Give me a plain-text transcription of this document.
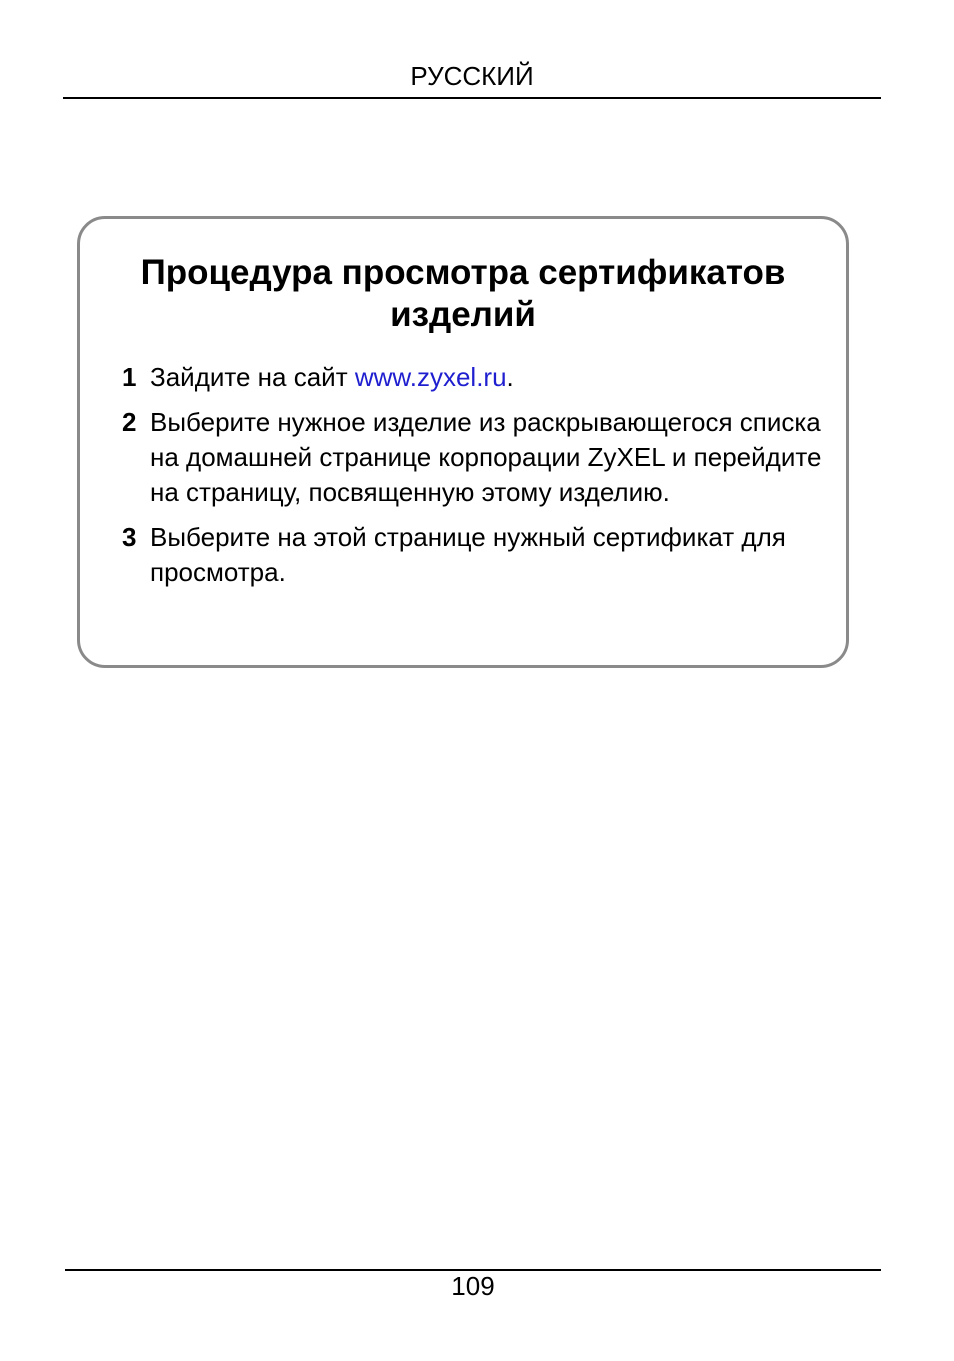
РУССКИЙ
Процедура просмотра сертификатов
изделий
1 Зайдите на сайт www.zyxel.ru.
2 Выберите нужное изделие из раскрывающегося списка на домашней странице корпорации ZyXEL и перейдите на страницу, посвященную этому изделию.
3 Выберите на этой странице нужный сертификат для просмотра.
109
